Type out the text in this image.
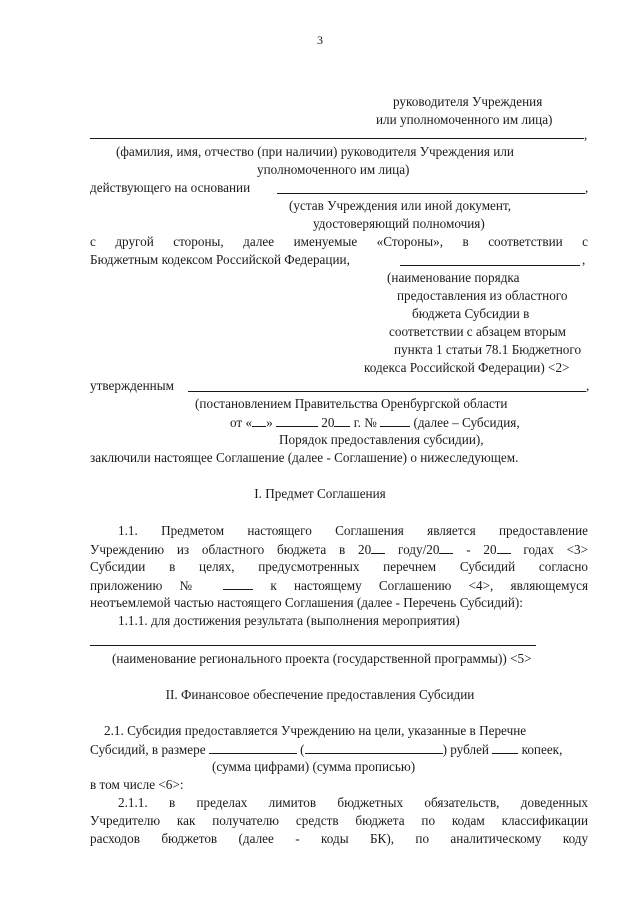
3
руководителя Учреждения
или уполномоченного им лица)
,
(фамилия, имя, отчество (при наличии) руководителя Учреждения или
уполномоченного им лица)
действующего на основании	,
(устав Учреждения или иной документ,
удостоверяющий полномочия)
с другой стороны, далее именуемые «Стороны», в соответствии с
Бюджетным кодексом Российской Федерации,	,
(наименование порядка
предоставления из областного
бюджета Субсидии в
соответствии с абзацем вторым
пункта 1 статьи 78.1 Бюджетного
кодекса Российской Федерации) <2>
утвержденным	,
(постановлением Правительства Оренбургской области
от « »	20 г. №	(далее – Субсидия,
Порядок предоставления субсидии),
заключили настоящее Соглашение (далее - Соглашение) о нижеследующем.
I. Предмет Соглашения
1.1. Предметом настоящего Соглашения является предоставление
Учреждению из областного бюджета в 20 году/20 - 20 годах <3>
Субсидии в целях, предусмотренных перечнем Субсидий согласно
приложению №	к настоящему Соглашению <4>, являющемуся
неотъемлемой частью настоящего Соглашения (далее - Перечень Субсидий):
1.1.1. для достижения результата (выполнения мероприятия)
(наименование регионального проекта (государственной программы)) <5>
II. Финансовое обеспечение предоставления Субсидии
2.1. Субсидия предоставляется Учреждению на цели, указанные в Перечне
Субсидий, в размере	(	) рублей копеек,
(сумма цифрами) (сумма прописью)
в том числе <6>:
2.1.1. в пределах лимитов бюджетных обязательств, доведенных
Учредителю как получателю средств бюджета по кодам классификации
расходов бюджетов (далее - коды БК), по аналитическому коду
